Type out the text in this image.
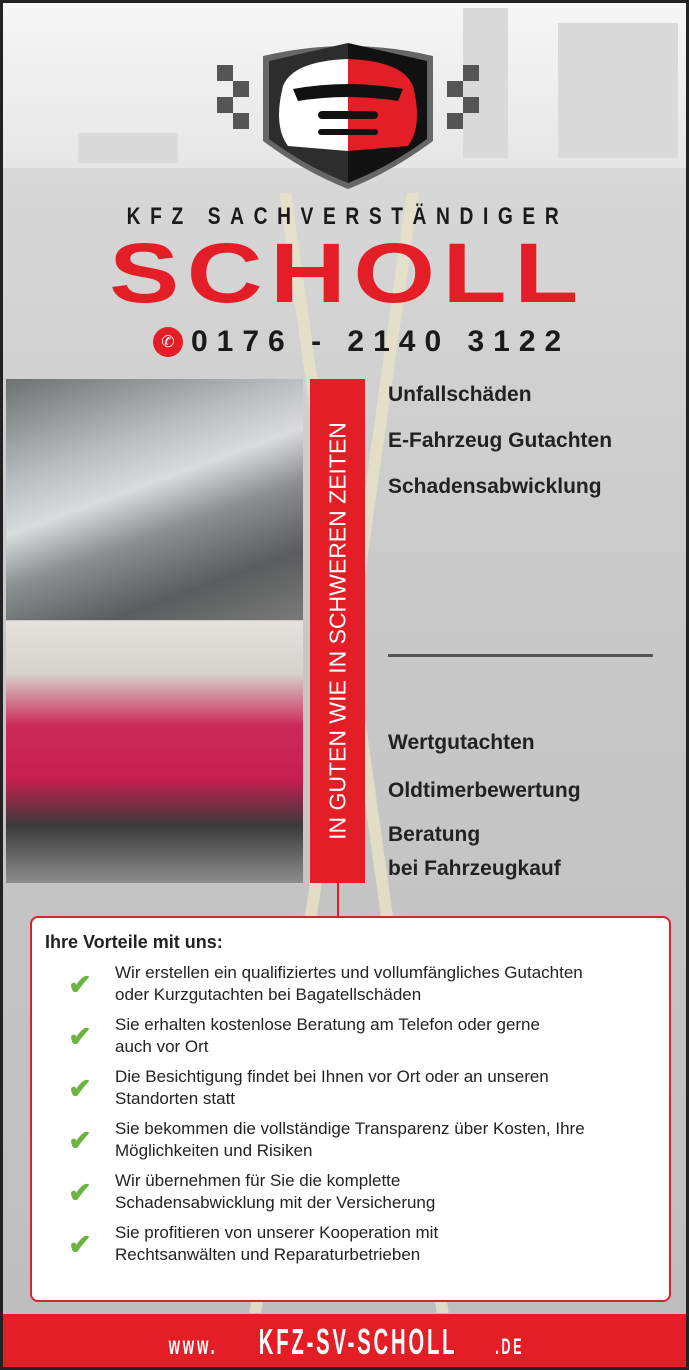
KFZ SACHVERSTÄNDIGER
SCHOLL
✆ 0176 - 2140 3122
IN GUTEN WIE IN SCHWEREN ZEITEN
Unfallschäden
E-Fahrzeug Gutachten
Schadensabwicklung
Wertgutachten
Oldtimerbewertung
Beratung
bei Fahrzeugkauf
Ihre Vorteile mit uns:
✔	Wir erstellen ein qualifiziertes und vollumfängliches Gutachten oder Kurzgutachten bei Bagatellschäden
✔	Sie erhalten kostenlose Beratung am Telefon oder gerne auch vor Ort
✔	Die Besichtigung findet bei Ihnen vor Ort oder an unseren Standorten statt
✔	Sie bekommen die vollständige Transparenz über Kosten, Ihre Möglichkeiten und Risiken
✔	Wir übernehmen für Sie die komplette Schadensabwicklung mit der Versicherung
✔	Sie profitieren von unserer Kooperation mit Rechtsanwälten und Reparaturbetrieben
www. KFZ-SV-SCHOLL .DE
